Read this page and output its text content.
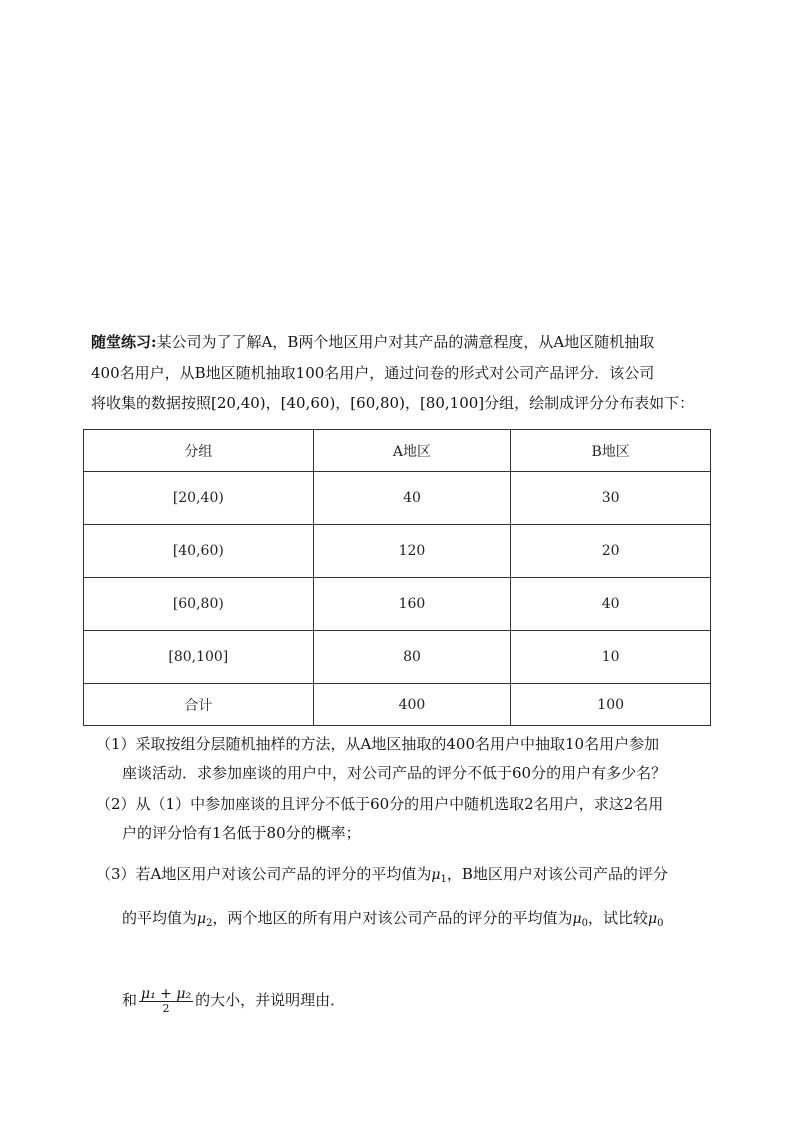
随堂练习:某公司为了了解A，B两个地区用户对其产品的满意程度，从A地区随机抽取
400名用户，从B地区随机抽取100名用户，通过问卷的形式对公司产品评分．该公司
将收集的数据按照[20,40)，[40,60)，[60,80)，[80,100]分组，绘制成评分分布表如下：

分组	A地区	B地区
[20,40)	40	30
[40,60)	120	20
[60,80)	160	40
[80,100]	80	10
合计	400	100

（1）采取按组分层随机抽样的方法，从A地区抽取的400名用户中抽取10名用户参加

座谈活动．求参加座谈的用户中，对公司产品的评分不低于60分的用户有多少名？

（2）从（1）中参加座谈的且评分不低于60分的用户中随机选取2名用户，求这2名用

户的评分恰有1名低于80分的概率；

（3）若A地区用户对该公司产品的评分的平均值为$\mu_1$，B地区用户对该公司产品的评分

的平均值为$\mu_2$，两个地区的所有用户对该公司产品的评分的平均值为$\mu_0$，试比较$\mu_0$

和 $\frac{\text{μ₁ + μ₂}}{2}$ 的大小，并说明理由．
